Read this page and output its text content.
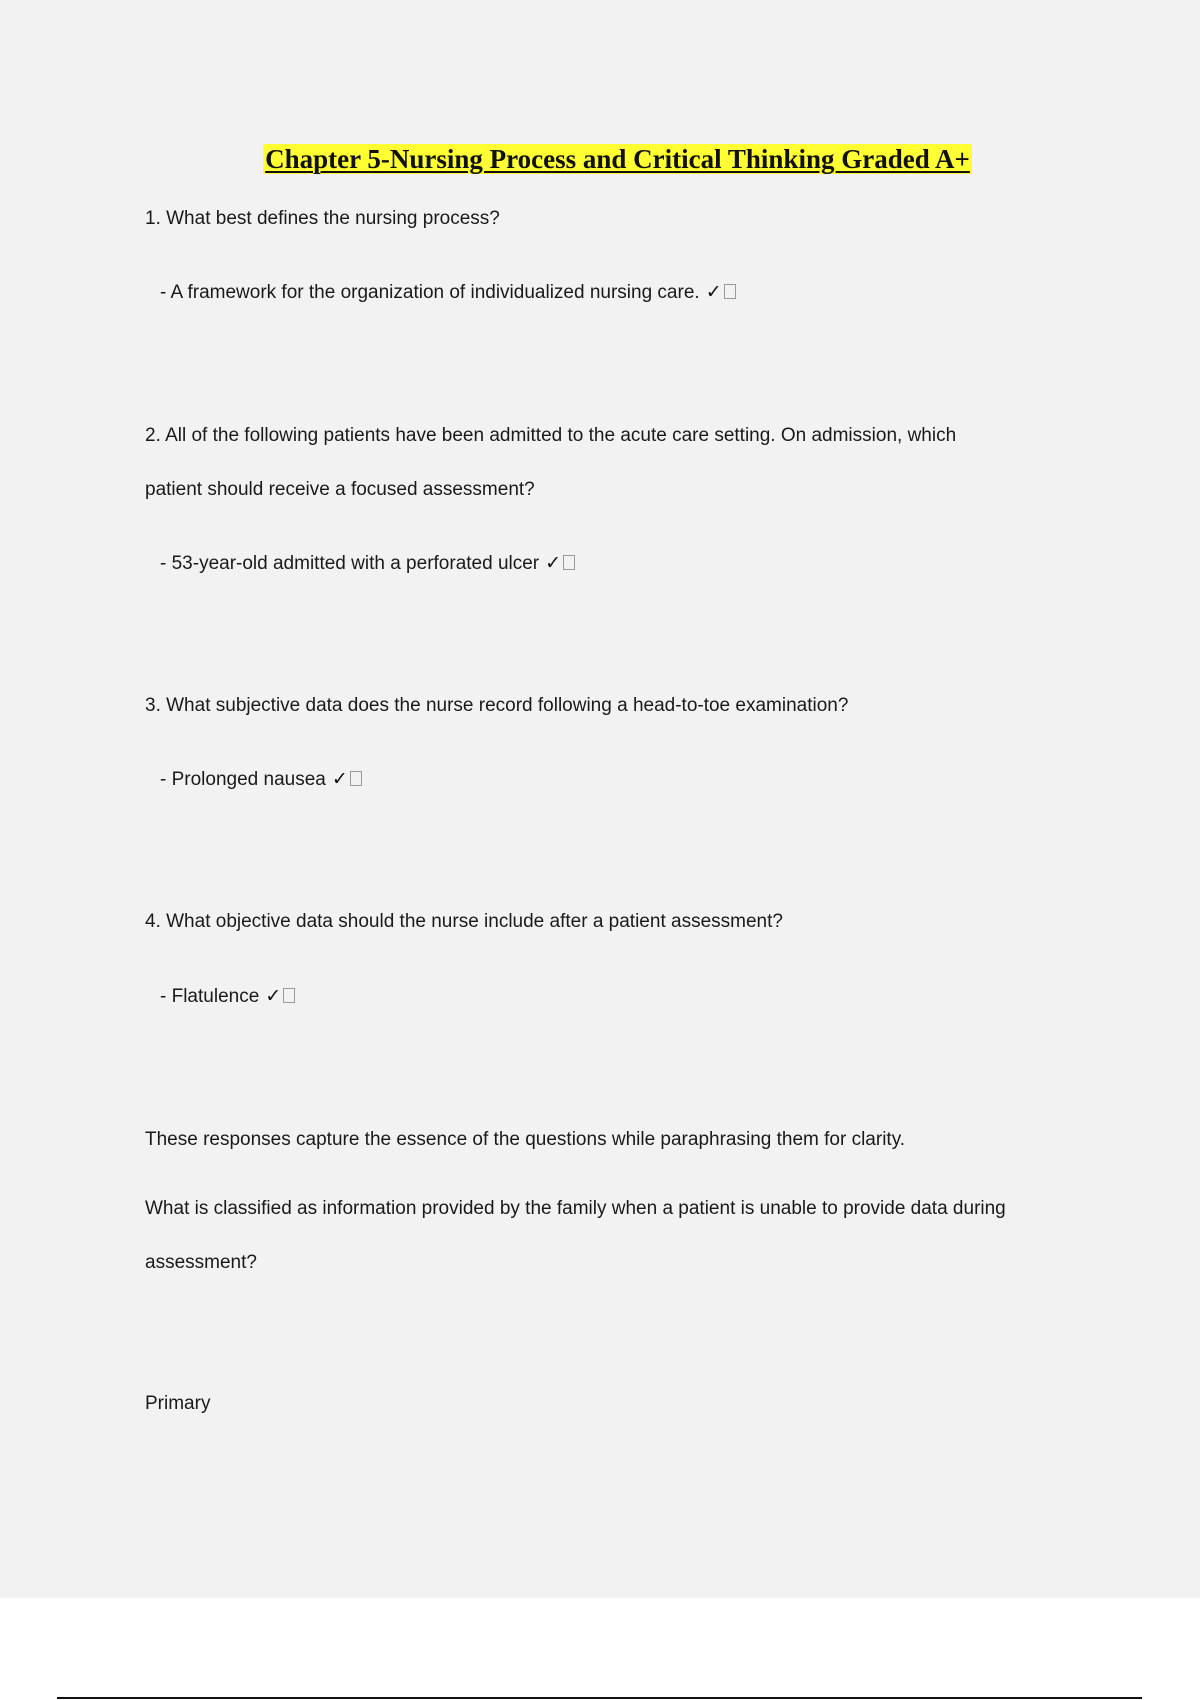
Chapter 5-Nursing Process and Critical Thinking Graded A+
1. What best defines the nursing process?
- A framework for the organization of individualized nursing care. ✓
2. All of the following patients have been admitted to the acute care setting. On admission, which
patient should receive a focused assessment?
- 53-year-old admitted with a perforated ulcer ✓
3. What subjective data does the nurse record following a head-to-toe examination?
- Prolonged nausea ✓
4. What objective data should the nurse include after a patient assessment?
- Flatulence ✓
These responses capture the essence of the questions while paraphrasing them for clarity.
What is classified as information provided by the family when a patient is unable to provide data during
assessment?
Primary
